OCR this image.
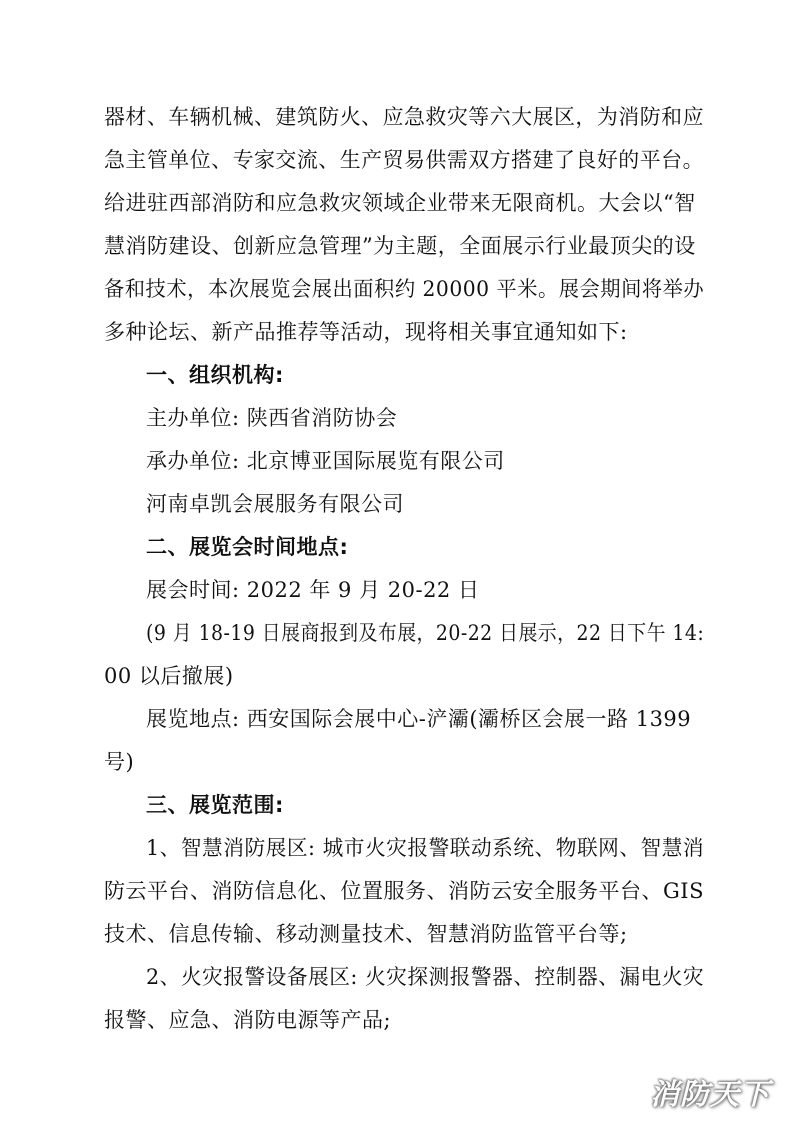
器材、车辆机械、建筑防火、应急救灾等六大展区，为消防和应
急主管单位、专家交流、生产贸易供需双方搭建了良好的平台。
给进驻西部消防和应急救灾领域企业带来无限商机。大会以“智
慧消防建设、创新应急管理”为主题，全面展示行业最顶尖的设
备和技术，本次展览会展出面积约 20000 平米。展会期间将举办
多种论坛、新产品推荐等活动，现将相关事宜通知如下:
一、组织机构:
主办单位: 陕西省消防协会
承办单位: 北京博亚国际展览有限公司
河南卓凯会展服务有限公司
二、展览会时间地点:
展会时间: 2022 年 9 月 20-22 日
(9 月 18-19 日展商报到及布展，20-22 日展示，22 日下午 14:
00 以后撤展)
展览地点: 西安国际会展中心-浐灞(灞桥区会展一路 1399
号)
三、展览范围:
1、智慧消防展区: 城市火灾报警联动系统、物联网、智慧消
防云平台、消防信息化、位置服务、消防云安全服务平台、GIS
技术、信息传输、移动测量技术、智慧消防监管平台等;
2、火灾报警设备展区: 火灾探测报警器、控制器、漏电火灾
报警、应急、消防电源等产品;
消防天下
